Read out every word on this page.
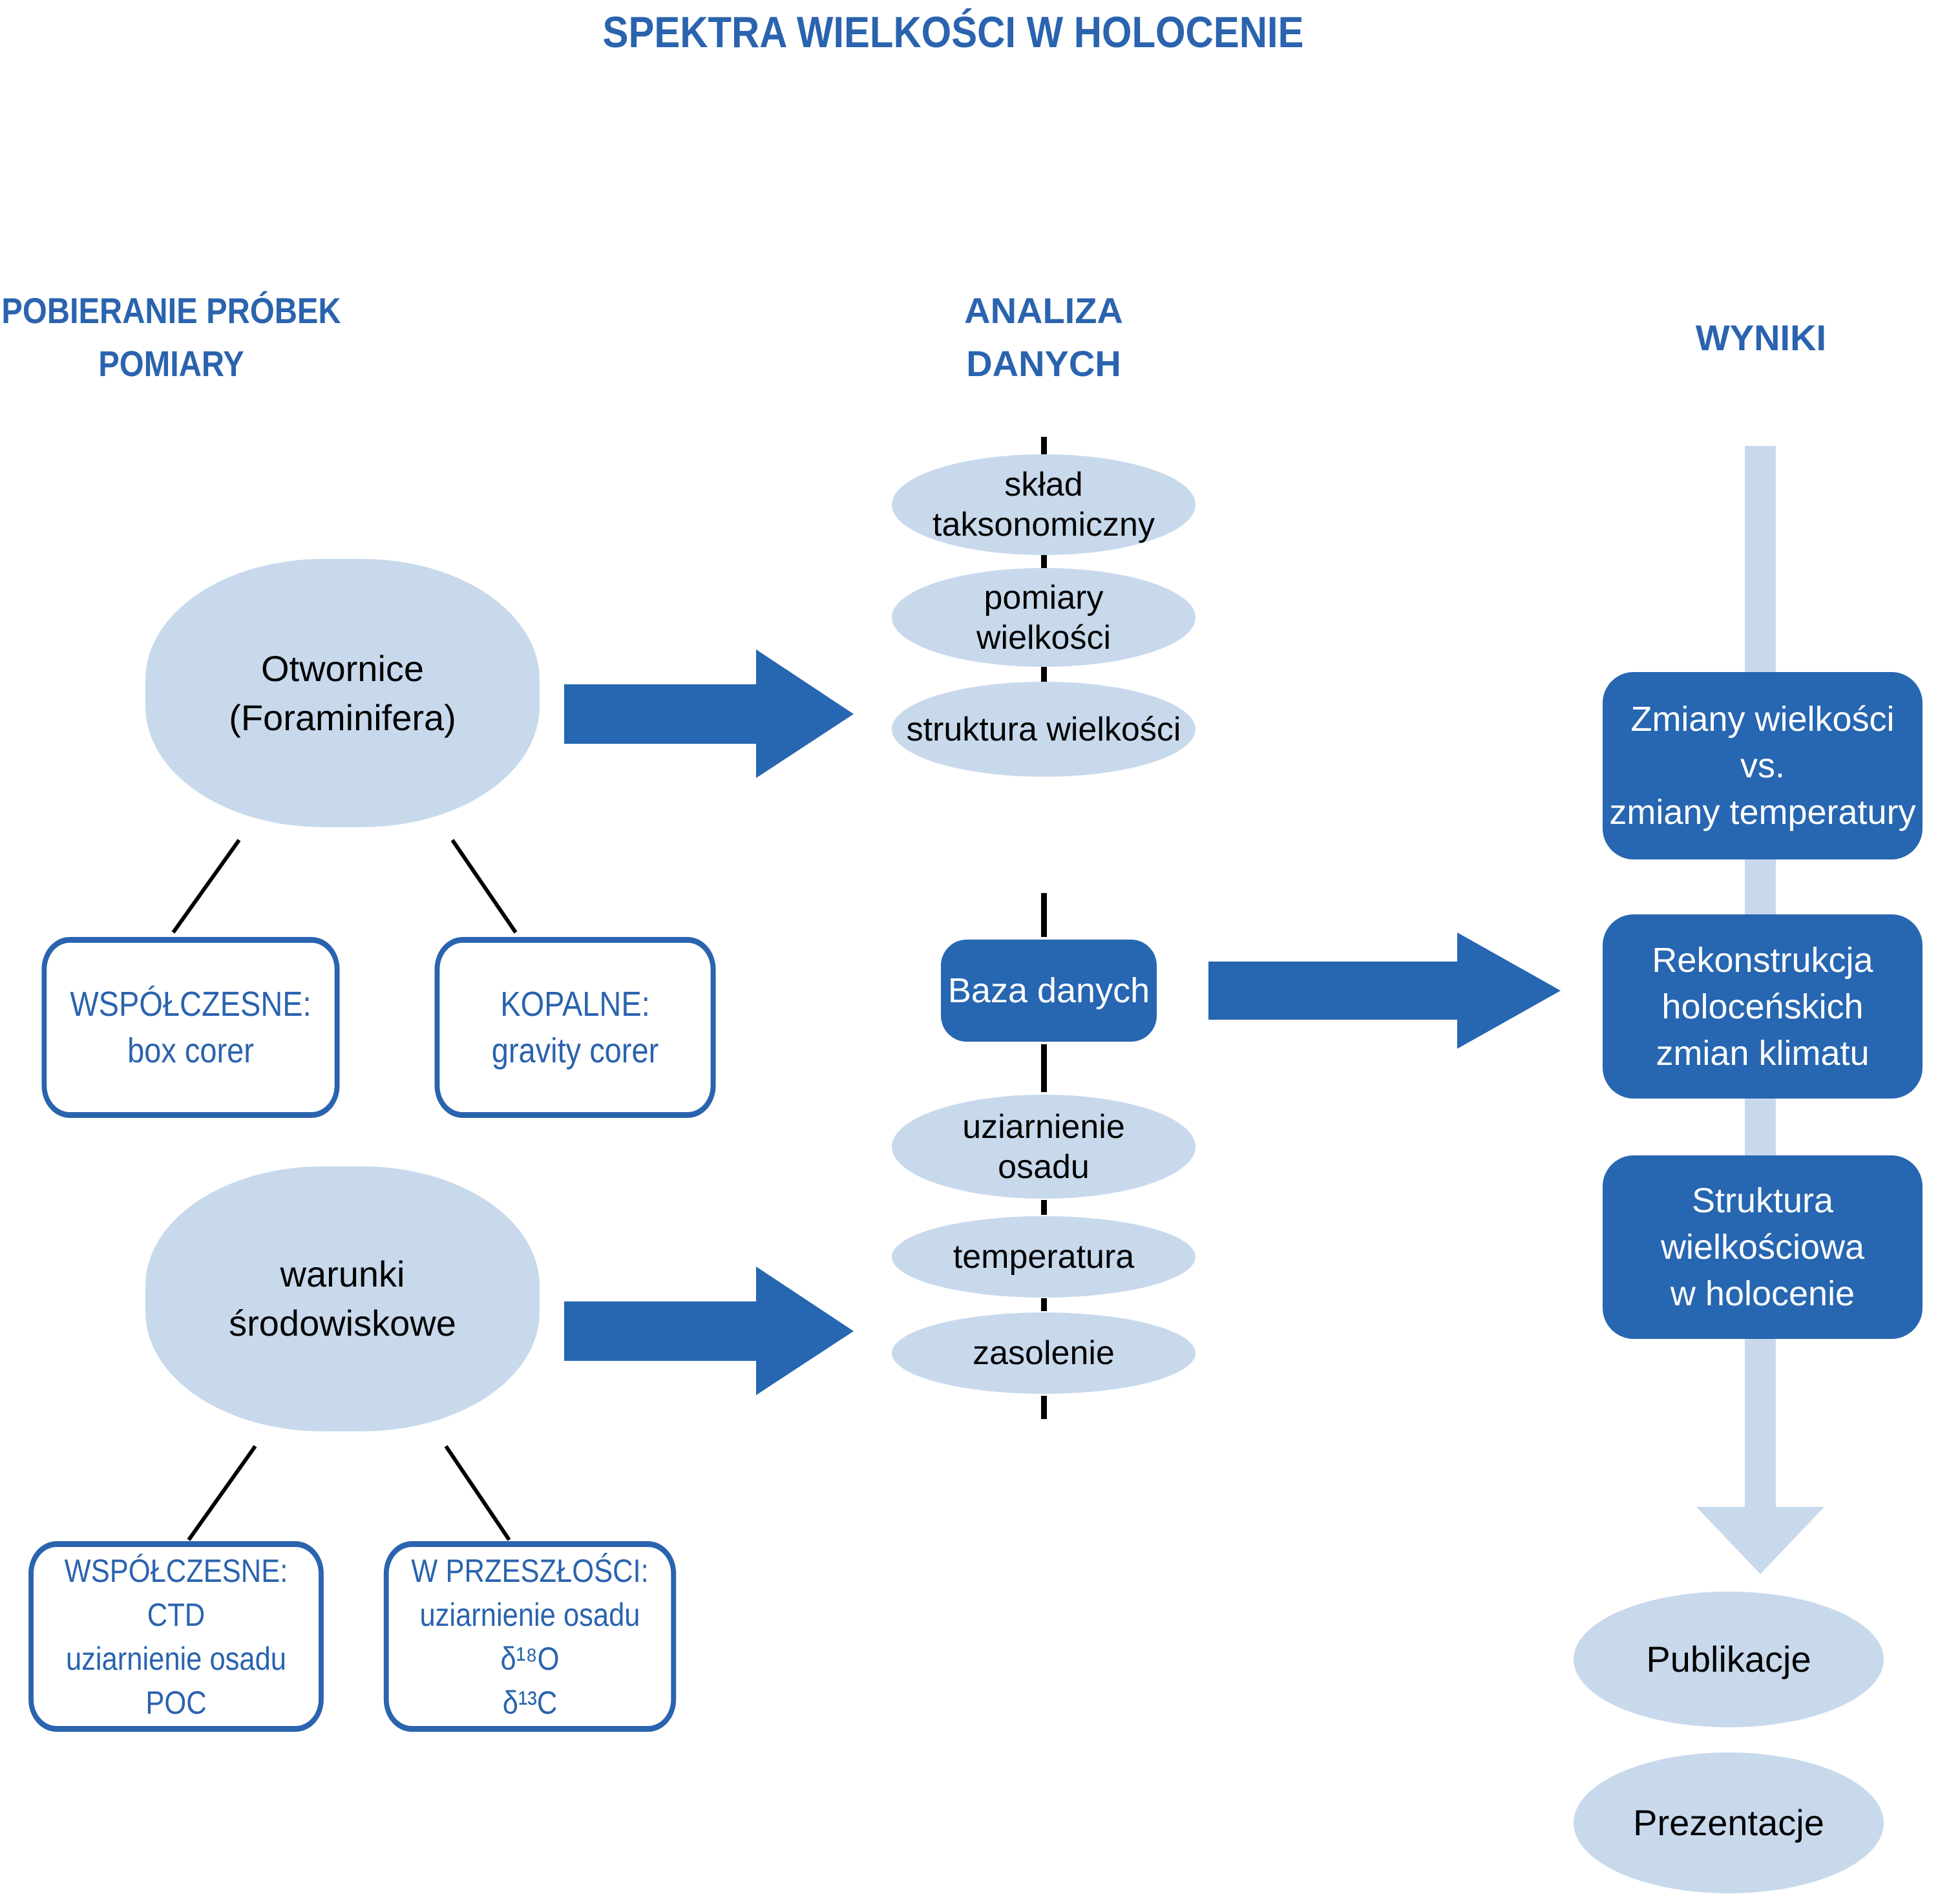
SPEKTRA WIELKOŚCI W HOLOCENIE
POBIERANIE PRÓBEK
POMIARY
ANALIZA
DANYCH
WYNIKI
Otwornice
(Foraminifera)
WSPÓŁCZESNE:
box corer
KOPALNE:
gravity corer
warunki
środowiskowe
WSPÓŁCZESNE:
CTD
uziarnienie osadu
POC
W PRZESZŁOŚCI:
uziarnienie osadu
δ¹⁸O
δ¹³C
skład
taksonomiczny
pomiary
wielkości
struktura wielkości
Baza danych
uziarnienie
osadu
temperatura
zasolenie
Zmiany wielkości
vs.
zmiany temperatury
Rekonstrukcja
holoceńskich
zmian klimatu
Struktura
wielkościowa
w holocenie
Publikacje
Prezentacje
